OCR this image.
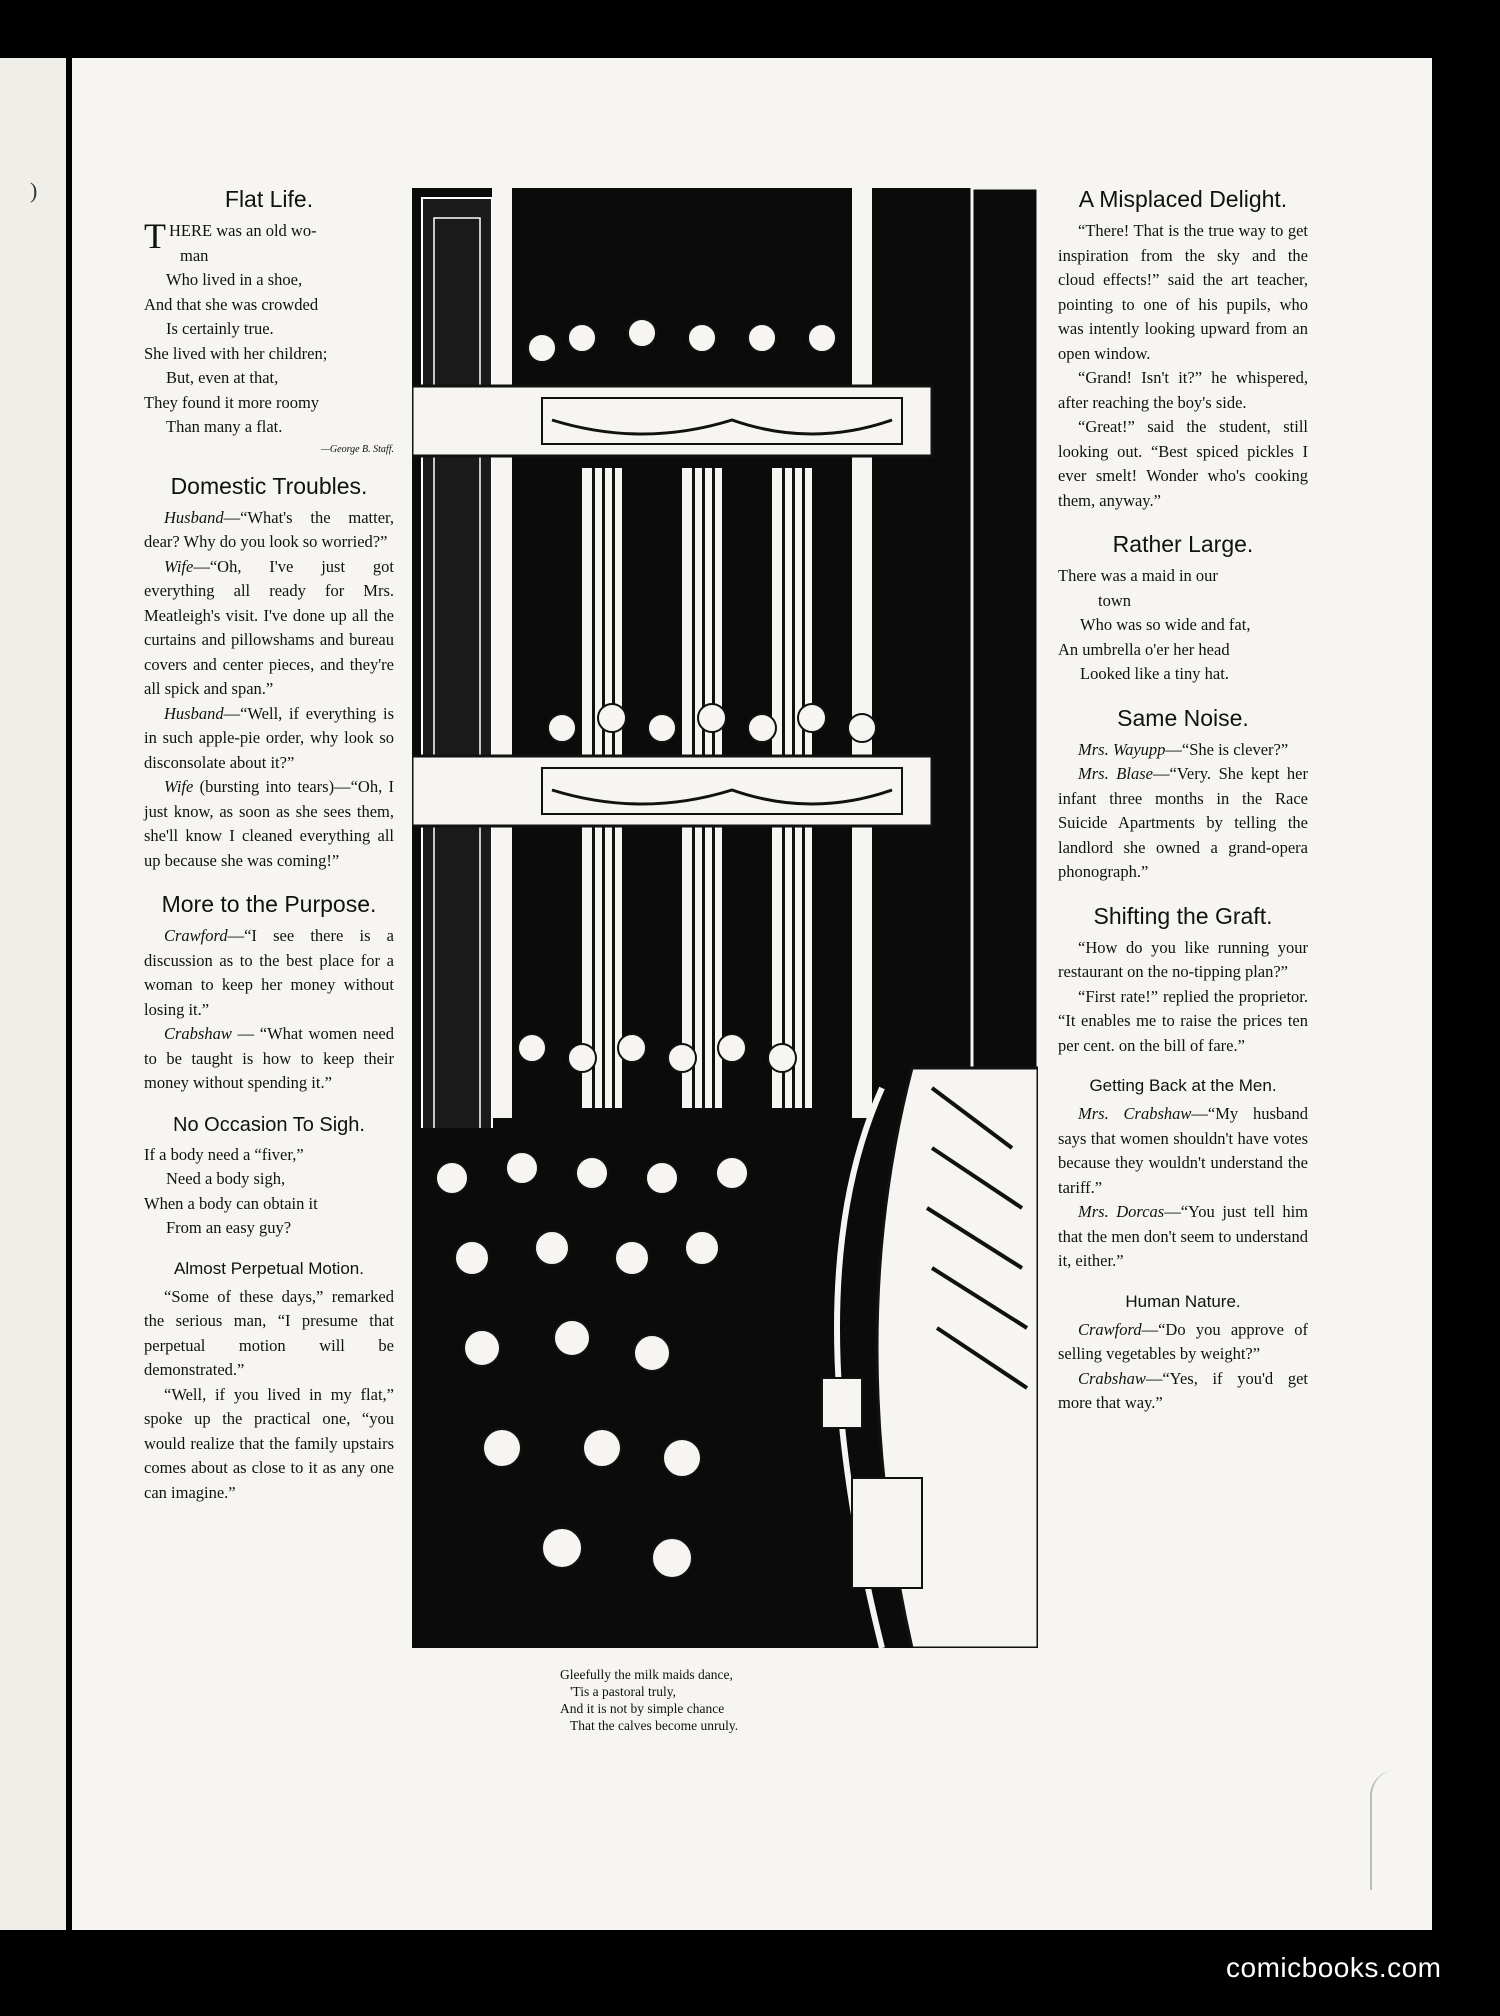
)	Flat Life.

THERE was an old wo-

man

Who lived in a shoe,

And that she was crowded

Is certainly true.

She lived with her children;

But, even at that,

They found it more roomy

Than many a flat.

—George B. Staff.
Domestic Troubles.

Husband—“What's the matter, dear? Why do you look so worried?”

Wife—“Oh, I've just got everything all ready for Mrs. Meatleigh's visit. I've done up all the curtains and pillowshams and bureau covers and center pieces, and they're all spick and span.”

Husband—“Well, if everything is in such apple-pie order, why look so disconsolate about it?”

Wife (bursting into tears)—“Oh, I just know, as soon as she sees them, she'll know I cleaned everything all up because she was coming!”

More to the Purpose.

Crawford—“I see there is a discussion as to the best place for a woman to keep her money without losing it.”

Crabshaw — “What women need to be taught is how to keep their money without spending it.”

No Occasion To Sigh.

If a body need a “fiver,”

Need a body sigh,

When a body can obtain it

From an easy guy?

Almost Perpetual Motion.

“Some of these days,” remarked the serious man, “I presume that perpetual motion will be demonstrated.”

“Well, if you lived in my flat,” spoke up the practical one, “you would realize that the family upstairs comes about as close to it as any one can imagine.”

Gleefully the milk maids dance,
'Tis a pastoral truly,
And it is not by simple chance
That the calves become unruly.
A Misplaced Delight.

“There! That is the true way to get inspiration from the sky and the cloud effects!” said the art teacher, pointing to one of his pupils, who was intently looking upward from an open window.

“Grand! Isn't it?” he whispered, after reaching the boy's side.

“Great!” said the student, still looking out. “Best spiced pickles I ever smelt! Wonder who's cooking them, anyway.”

Rather Large.

There was a maid in our

town

Who was so wide and fat,

An umbrella o'er her head

Looked like a tiny hat.

Same Noise.

Mrs. Wayupp—“She is clever?”

Mrs. Blase—“Very. She kept her infant three months in the Race Suicide Apartments by telling the landlord she owned a grand-opera phonograph.”

Shifting the Graft.

“How do you like running your restaurant on the no-tipping plan?”

“First rate!” replied the proprietor. “It enables me to raise the prices ten per cent. on the bill of fare.”

Getting Back at the Men.

Mrs. Crabshaw—“My husband says that women shouldn't have votes because they wouldn't understand the tariff.”

Mrs. Dorcas—“You just tell him that the men don't seem to understand it, either.”

Human Nature.

Crawford—“Do you approve of selling vegetables by weight?”

Crabshaw—“Yes, if you'd get more that way.”

comicbooks.com
